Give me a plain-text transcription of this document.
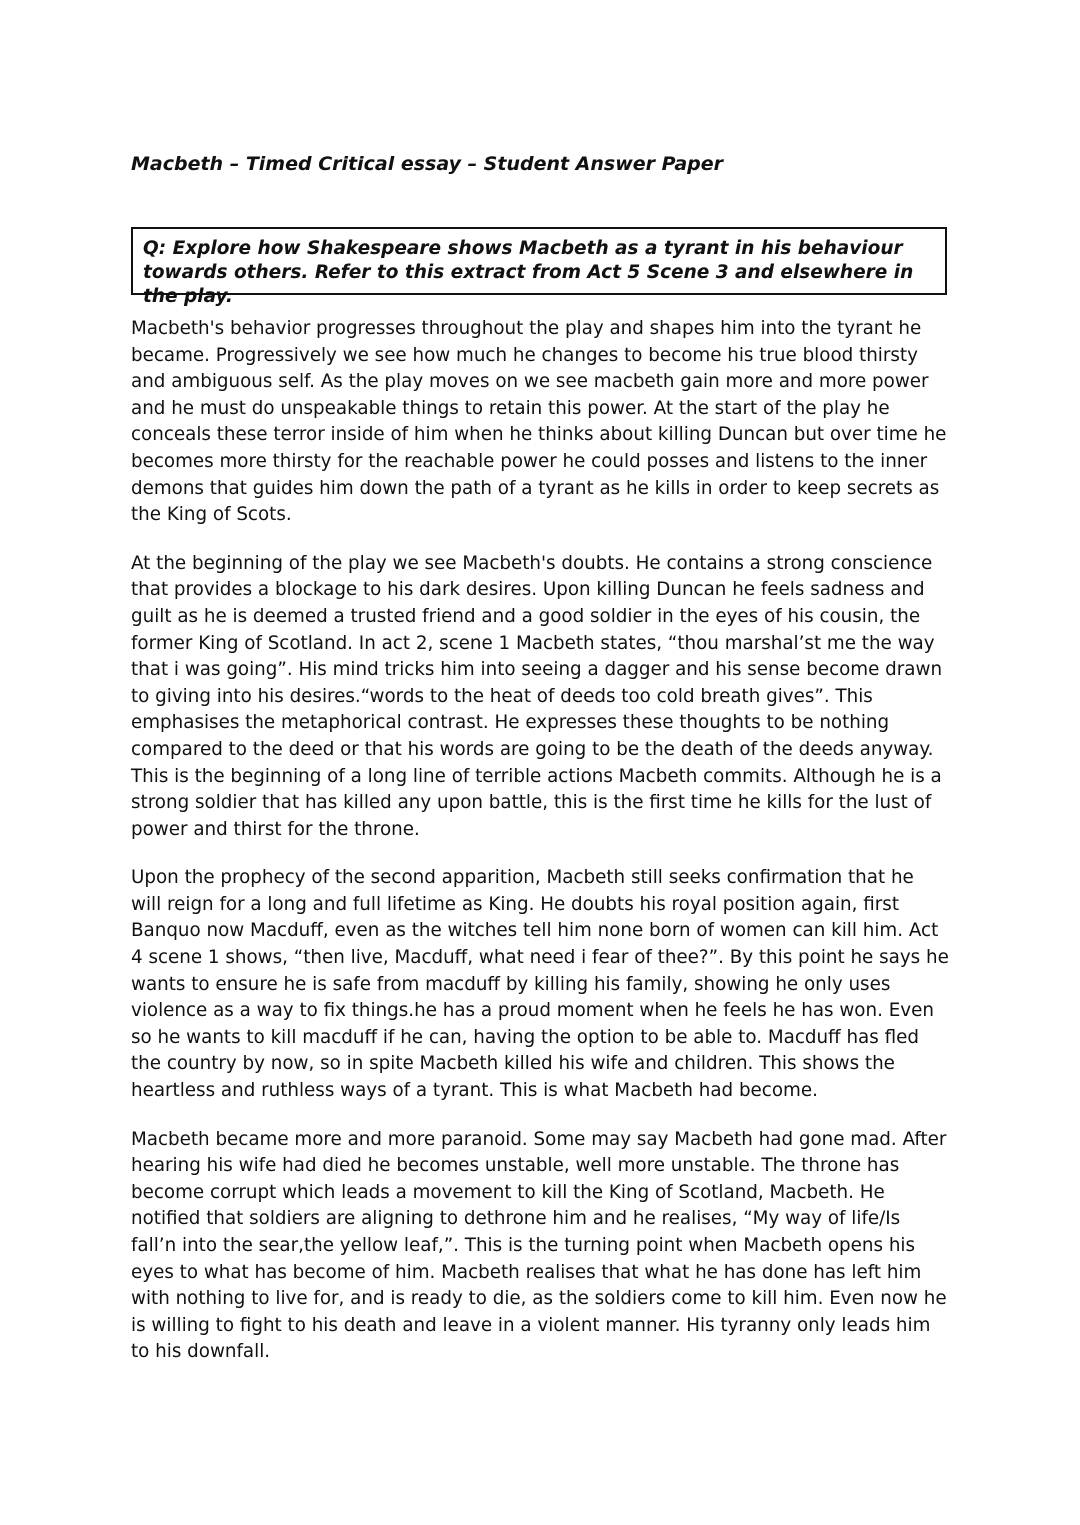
Macbeth – Timed Critical essay – Student Answer Paper

Q: Explore how Shakespeare shows Macbeth as a tyrant in his behaviour towards others. Refer to this extract from Act 5 Scene 3 and elsewhere in the play.

Macbeth's behavior progresses throughout the play and shapes him into the tyrant he became. Progressively we see how much he changes to become his true blood thirsty and ambiguous self. As the play moves on we see macbeth gain more and more power and he must do unspeakable things to retain this power. At the start of the play he conceals these terror inside of him when he thinks about killing Duncan but over time he becomes more thirsty for the reachable power he could posses and listens to the inner demons that guides him down the path of a tyrant as he kills in order to keep secrets as the King of Scots.

At the beginning of the play we see Macbeth's doubts. He contains a strong conscience that provides a blockage to his dark desires. Upon killing Duncan he feels sadness and guilt as he is deemed a trusted friend and a good soldier in the eyes of his cousin, the former King of Scotland. In act 2, scene 1 Macbeth states, “thou marshal’st me the way that i was going”. His mind tricks him into seeing a dagger and his sense become drawn to giving into his desires.“words to the heat of deeds too cold breath gives”. This emphasises the metaphorical contrast. He expresses these thoughts to be nothing compared to the deed or that his words are going to be the death of the deeds anyway. This is the beginning of a long line of terrible actions Macbeth commits. Although he is a strong soldier that has killed any upon battle, this is the first time he kills for the lust of power and thirst for the throne.

Upon the prophecy of the second apparition, Macbeth still seeks confirmation that he will reign for a long and full lifetime as King. He doubts his royal position again, first Banquo now Macduff, even as the witches tell him none born of women can kill him. Act 4 scene 1 shows, “then live, Macduff, what need i fear of thee?”. By this point he says he wants to ensure he is safe from macduff by killing his family, showing he only uses violence as a way to fix things.he has a proud moment when he feels he has won. Even so he wants to kill macduff if he can, having the option to be able to. Macduff has fled the country by now, so in spite Macbeth killed his wife and children. This shows the heartless and ruthless ways of a tyrant. This is what Macbeth had become.

Macbeth became more and more paranoid. Some may say Macbeth had gone mad. After hearing his wife had died he becomes unstable, well more unstable. The throne has become corrupt which leads a movement to kill the King of Scotland, Macbeth. He notified that soldiers are aligning to dethrone him and he realises, “My way of life/Is fall’n into the sear,the yellow leaf,”. This is the turning point when Macbeth opens his eyes to what has become of him. Macbeth realises that what he has done has left him with nothing to live for, and is ready to die, as the soldiers come to kill him. Even now he is willing to fight to his death and leave in a violent manner. His tyranny only leads him to his downfall.
